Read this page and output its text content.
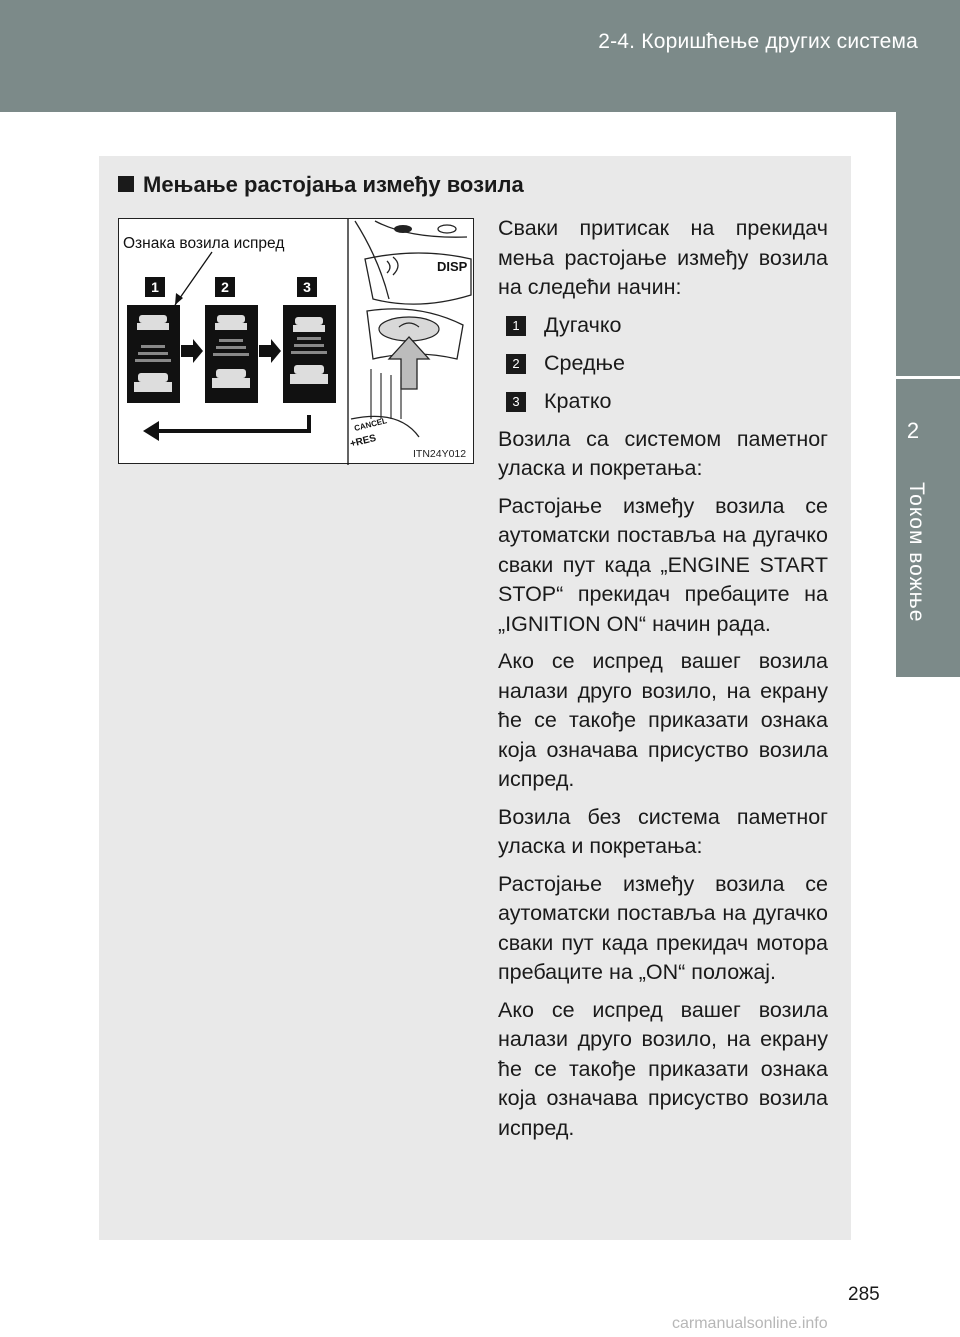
2-4. Коришћење других система
2
Током вожње
Мењање растојања између возила
Ознака возила испред
1	2	3
DISP
CANCEL
+RES
ITN24Y012

Сваки притисак на прекидач мења растојање између возила на следећи начин:

1 Дугачко
2 Средње
3 Кратко

Возила са системом паметног уласка и покретања:

Растојање између возила се аутоматски поставља на дугачко сваки пут када „ENGINE START STOP“ прекидач пребаците на „IGNITION ON“ начин рада.

Ако се испред вашег возила налази друго возило, на екрану ће се такође приказати ознака која означава присуство возила испред.

Возила без система паметног уласка и покретања:

Растојање између возила се аутоматски поставља на дугачко сваки пут када прекидач мотора пребаците на „ON“ положај.

Ако се испред вашег возила налази друго возило, на екрану ће се такође приказати ознака која означава присуство возила испред.

285
carmanualsonline.info
